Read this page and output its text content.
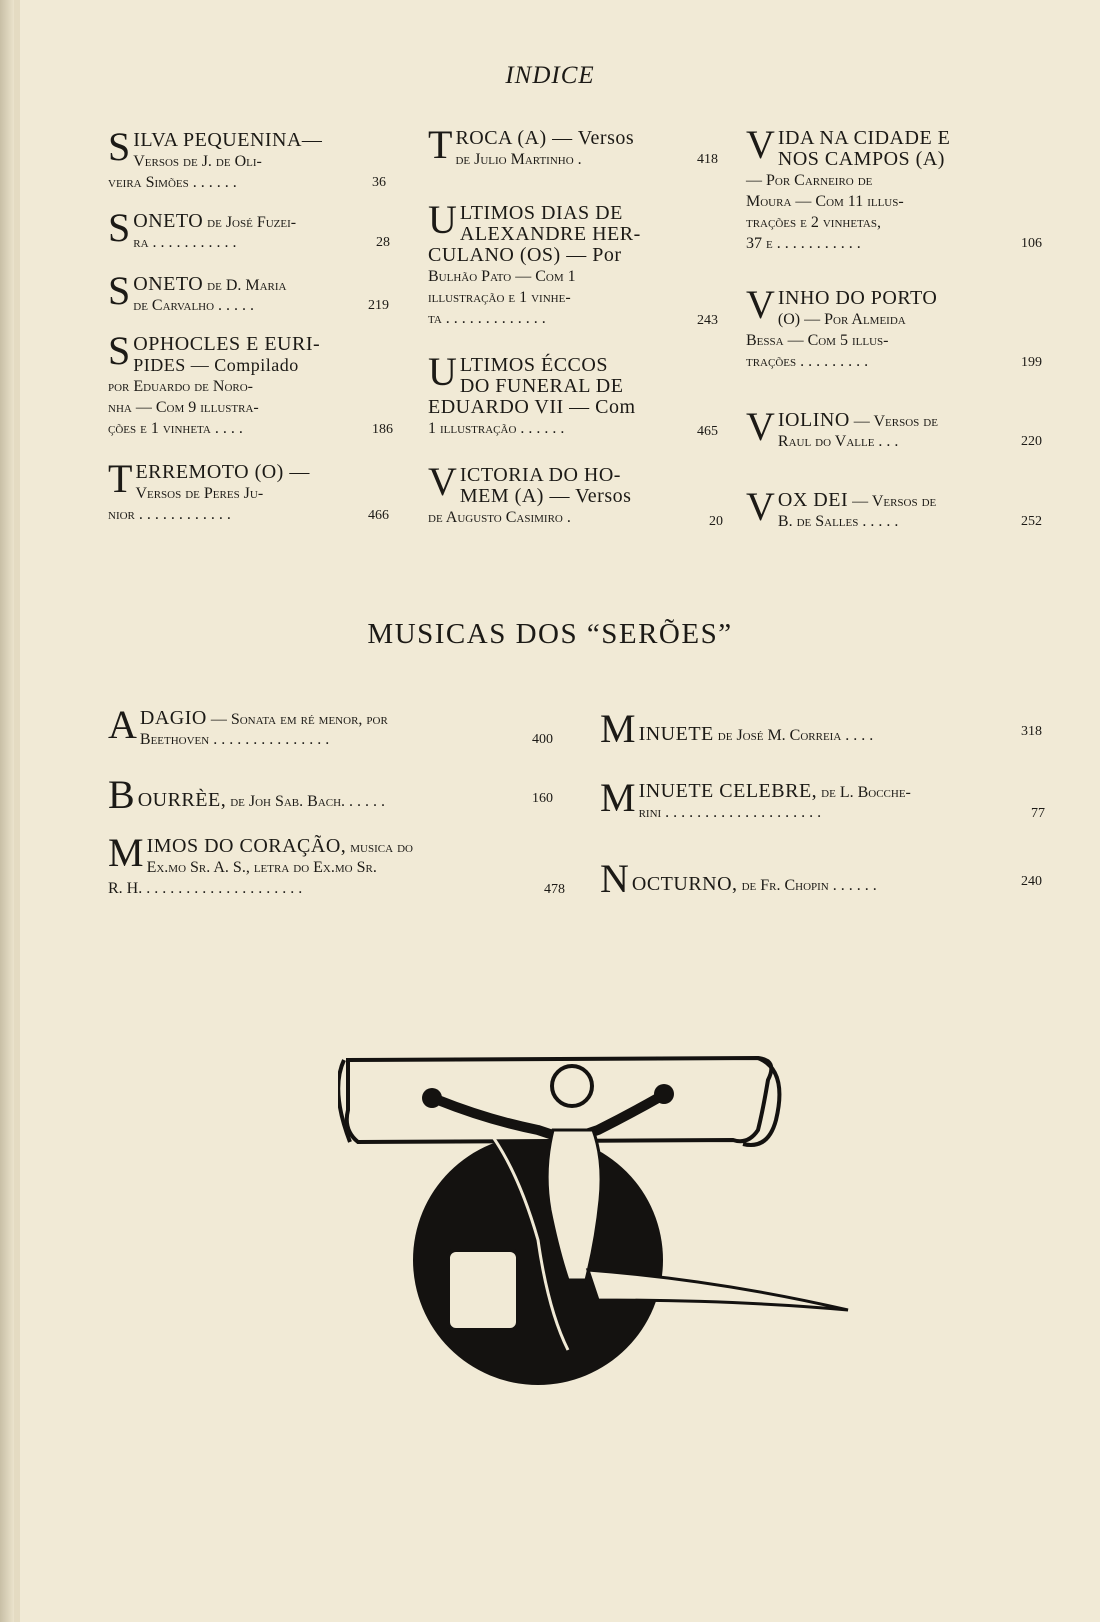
INDICE
S ILVA PEQUENINA—
Versos de J. de Oli-
veira Simões . . . . . .	36
S ONETO de José Fuzei-
ra . . . . . . . . . . .	28
S ONETO de D. Maria
de Carvalho . . . . .	219
S OPHOCLES E EURI-
PIDES — Compilado
por Eduardo de Noro-
nha — Com 9 illustra-
ções e 1 vinheta . . . .	186
T ERREMOTO (O) —
Versos de Peres Ju-
nior . . . . . . . . . . . .	466
T ROCA (A) — Versos
de Julio Martinho .	418
U LTIMOS DIAS DE
ALEXANDRE HER-
CULANO (OS) — Por
Bulhão Pato — Com 1
illustração e 1 vinhe-
ta . . . . . . . . . . . . .	243
U LTIMOS ÉCCOS
DO FUNERAL DE
EDUARDO VII — Com
1 illustração . . . . . .	465
V ICTORIA DO HO-
MEM (A) — Versos
de Augusto Casimiro .	20
V IDA NA CIDADE E
NOS CAMPOS (A)
— Por Carneiro de
Moura — Com 11 illus-
trações e 2 vinhetas,
37 e . . . . . . . . . . .	106
V INHO DO PORTO
(O) — Por Almeida
Bessa — Com 5 illus-
trações . . . . . . . . .	199
V IOLINO — Versos de
Raul do Valle . . .	220
V OX DEI — Versos de
B. de Salles . . . . .	252
MUSICAS DOS “SERÕES”
A DAGIO — Sonata em ré menor, por
Beethoven . . . . . . . . . . . . . . .	400
B OURRÈE, de Joh Sab. Bach. . . . . .	160
M IMOS DO CORAÇÃO, musica do
Ex.mo Sr. A. S., letra do Ex.mo Sr.
R. H. . . . . . . . . . . . . . . . . . . . .	478
M INUETE de José M. Correia . . . .	318
M INUETE CELEBRE, de L. Bocche-
rini . . . . . . . . . . . . . . . . . . . .	77
N OCTURNO, de Fr. Chopin . . . . . .	240
